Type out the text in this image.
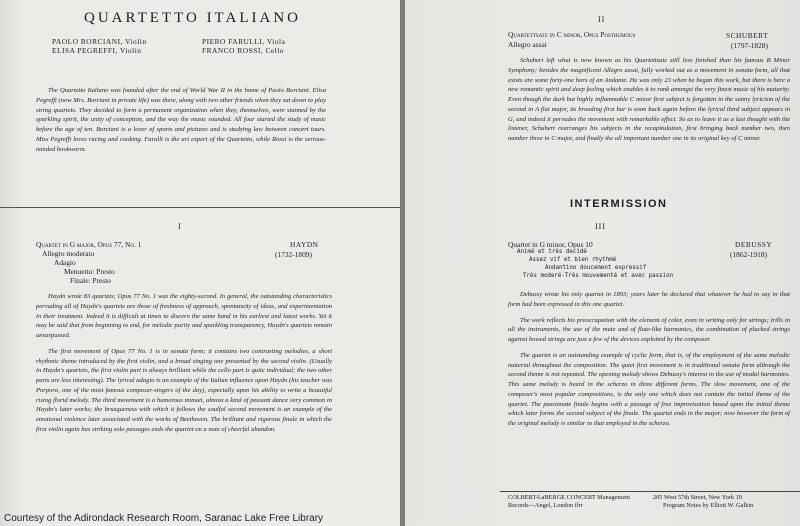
QUARTETTO ITALIANO
PAOLO BORCIANI, Violin	PIERO FARULLI, Viola
ELISA PEGREFFI, Violin	FRANCO ROSSI, Cello

The Quartetto Italiano was founded after the end of World War II in the home of Paolo Borciani. Elisa Pegreffi (now Mrs. Borciani in private life) was there, along with two other friends when they sat down to play string quartets. They decided to form a permanent organization when they, themselves, were stunned by the sparkling spirit, the unity of conception, and the way the music sounded. All four started the study of music before the age of ten. Borciani is a lover of sports and pictures and is studying law between concert tours. Miss Pegreffi loves racing and cooking. Farulli is the art expert of the Quartetto, while Rossi is the serious-minded bookworm.

I
Quartet in G major, Opus 77, No. 1	HAYDN
(1732-1809)
Allegro moderato
Adagio
Menuetto: Presto
Finale: Presto

Haydn wrote 83 quartets; Opus 77 No. 1 was the eighty-second. In general, the outstanding characteristics pervading all of Haydn's quartets are those of freshness of approach, spontaneity of ideas, and experimentation in their treatment. Indeed it is difficult at times to discern the same hand in his earliest and latest works. Yet it may be said that from beginning to end, for melodic purity and sparkling transparency, Haydn's quartets remain unsurpassed.

The first movement of Opus 77 No. 1 is in sonata form; it contains two contrasting melodies, a short rhythmic theme introduced by the first violin, and a broad singing one presented by the second violin. (Usually in Haydn's quartets, the first violin part is always brilliant while the cello part is quite individual; the two other parts are less interesting). The lyrical adagio is an example of the Italian influence upon Haydn (his teacher was Porpora, one of the most famous composer-singers of the day), especially upon his ability to write a beautiful rising florid melody. The third movement is a humorous minuet, almost a kind of peasant dance very common in Haydn's later works; the brusqueness with which it follows the soulful second movement is an example of the emotional violence later associated with the works of Beethoven. The brilliant and vigorous finale in which the first violin again has striking solo passages ends the quartet on a note of cheerful abandon.

II
Quartettsatz in C minor, Opus Posthumous	SCHUBERT
Allegro assai	(1797-1828)

Schubert left what is now known as his Quartettsatz still less finished than his famous B Minor Symphony; besides the magnificent Allegro assai, fully worked out as a movement in sonata form, all that exists are some forty-one bars of an Andante. He was only 23 when he began this work, but there is here a new romantic spirit and deep feeling which enables it to rank amongst the very finest music of his maturity. Even though the dark but highly inflammable C minor first subject is forgotten in the sunny lyricism of the second in A flat major, its brooding first bar is soon back again before the lyrical third subject appears in G, and indeed it pervades the movement with remarkable effect. So as to leave it as a last thought with the listener, Schubert rearranges his subjects in the recapitulation, first bringing back number two, then number three in C major, and finally the all important number one in its original key of C minor.

INTERMISSION
III
Quartet in G minor, Opus 10	DEBUSSY
(1862-1918)
Animé et très decidé
Assez vif et bien rhythmé
Andantino doucement expressif
Très moderé-Très mouvementé et avec passion

Debussy wrote his only quartet in 1893; years later he declared that whatever he had to say in that form had been expressed in this one quartet.

The work reflects his preoccupation with the element of color, even in writing only for strings; trills in all the instruments, the use of the mute and of flute-like harmonics, the combination of plucked strings against bowed strings are just a few of the devices exploited by the composer.

The quartet is an outstanding example of cyclic form, that is, of the employment of the same melodic material throughout the composition. The quiet first movement is in traditional sonata form although the second theme is not repeated. The opening melody shows Debussy's interest in the use of modal harmonies. This same melody is heard in the scherzo in three different forms. The slow movement, one of the composer's most popular compositions, is the only one which does not contain the initial theme of the quartet. The passionate finale begins with a passage of free improvisation based upon the initial theme which later forms the second subject of the finale. The quartet ends in the major; now however the form of the original melody is similar to that employed in the scherzo.

COLBERT-LaBERGE CONCERT Management
Records—Angel, London ffrr
205 West 57th Street, New York 19
Program Notes by Elliott W. Galkin
Courtesy of the Adirondack Research Room, Saranac Lake Free Library
